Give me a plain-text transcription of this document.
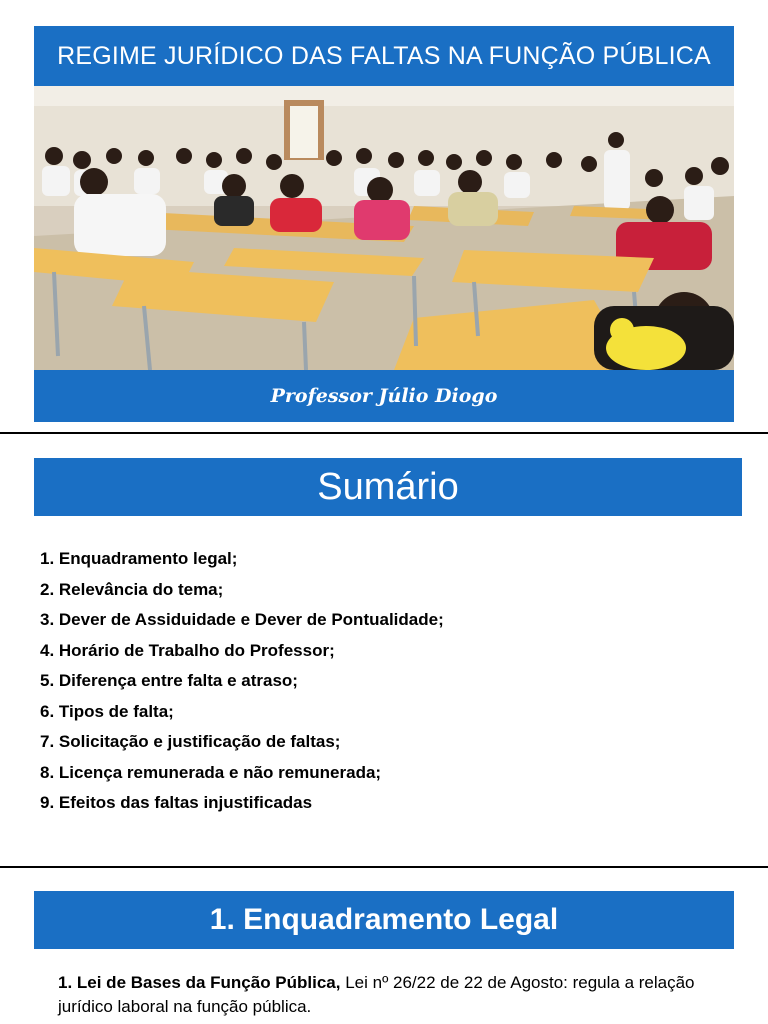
REGIME JURÍDICO DAS FALTAS NA FUNÇÃO PÚBLICA
Professor Júlio Diogo
Sumário
1. Enquadramento legal;
2. Relevância do tema;
3. Dever de Assiduidade e Dever de Pontualidade;
4. Horário de Trabalho do Professor;
5. Diferença entre falta e atraso;
6. Tipos de falta;
7. Solicitação e justificação de faltas;
8. Licença remunerada e não remunerada;
9. Efeitos das faltas injustificadas
1. Enquadramento Legal

1. Lei de Bases da Função Pública, Lei nº 26/22 de 22 de Agosto: regula a relação jurídico laboral na função pública.
